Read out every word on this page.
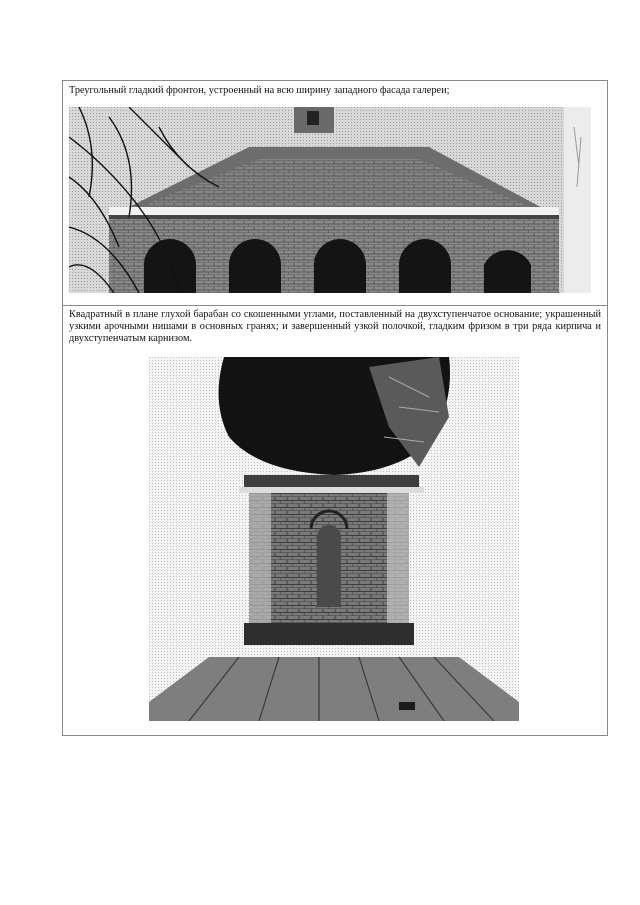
Треугольный гладкий фронтон, устроенный на всю ширину западного фасада галереи;
Квадратный в плане глухой барабан со скошенными углами, поставленный на двухступенчатое основание; украшенный узкими арочными нишами в основных гранях; и завершенный узкой полочкой, гладким фризом в три ряда кирпича и двухступенчатым карнизом.
